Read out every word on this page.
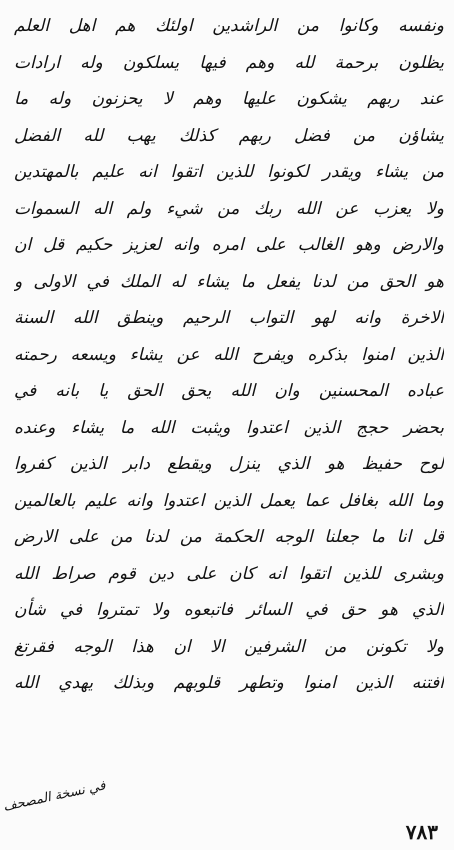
ونفسه وكانوا من الراشدين اولئك هم اهل العلم
يظلون برحمة لله وهم فيها يسلكون وله ارادات
عند ربهم يشكون عليها وهم لا يحزنون وله ما
يشاؤن من فضل ربهم كذلك يهب لله الفضل
من يشاء ويقدر لكونوا للذين اتقوا انه عليم بالمهتدين
ولا يعزب عن الله ربك من شيء ولم اله السموات
والارض وهو الغالب على امره وانه لعزيز حكيم قل ان
هو الحق من لدنا يفعل ما يشاء له الملك في الاولى و
الاخرة وانه لهو التواب الرحيم وينطق الله السنة
الذين امنوا بذكره ويفرح الله عن يشاء ويسعه رحمته
عباده المحسنين وان الله يحق الحق يا بانه في
بحضر حجج الذين اعتدوا ويثبت الله ما يشاء وعنده
لوح حفيظ هو الذي ينزل ويقطع دابر الذين كفروا
وما الله بغافل عما يعمل الذين اعتدوا وانه عليم بالعالمين
قل انا ما جعلنا الوجه الحكمة من لدنا من على الارض
وبشرى للذين اتقوا انه كان على دين قوم صراط الله
الذي هو حق في السائر فاتبعوه ولا تمتروا في شأن
ولا تكونن من الشرفين الا ان هذا الوجه فقرتغ
افتنه الذين امنوا وتطهر قلوبهم وبذلك يهدي الله
في نسخة المصحف
٧٨٣
